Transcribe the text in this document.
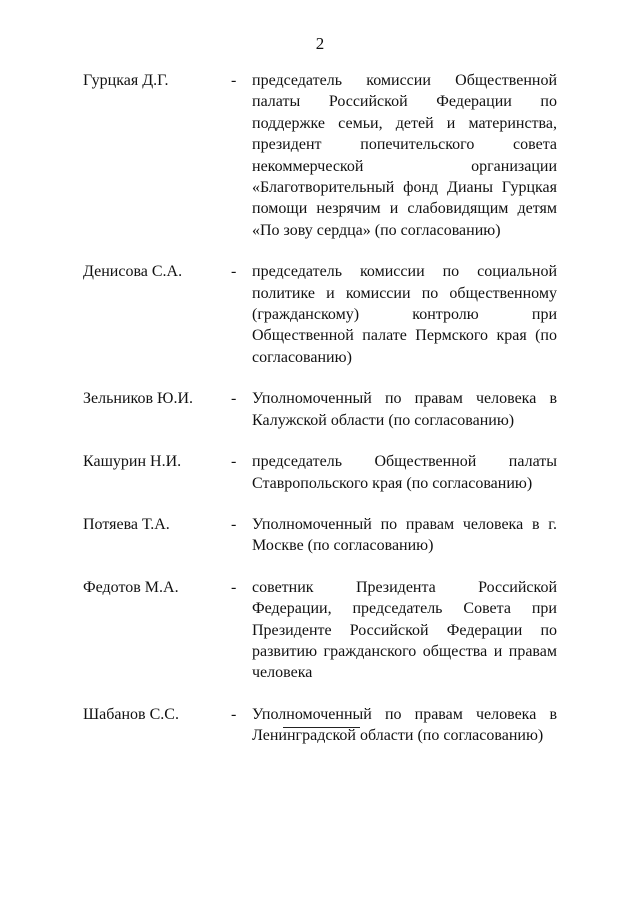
2
Гурцкая Д.Г.	- председатель комиссии Общественной палаты Российской Федерации по поддержке семьи, детей и материнства, президент попечительского совета некоммерческой организации «Благотворительный фонд Дианы Гурцкая помощи незрячим и слабовидящим детям «По зову сердца» (по согласованию)
Денисова С.А.	- председатель комиссии по социальной политике и комиссии по общественному (гражданскому) контролю при Общественной палате Пермского края (по согласованию)
Зельников Ю.И. - Уполномоченный по правам человека в Калужской области (по согласованию)
Кашурин Н.И.	- председатель Общественной палаты Ставропольского края (по согласованию)
Потяева Т.А.	- Уполномоченный по правам человека в г. Москве (по согласованию)
Федотов М.А.	- советник Президента Российской Федерации, председатель Совета при Президенте Российской Федерации по развитию гражданского общества и правам человека
Шабанов С.С.	- Уполномоченный по правам человека в Ленинградской области (по согласованию)
